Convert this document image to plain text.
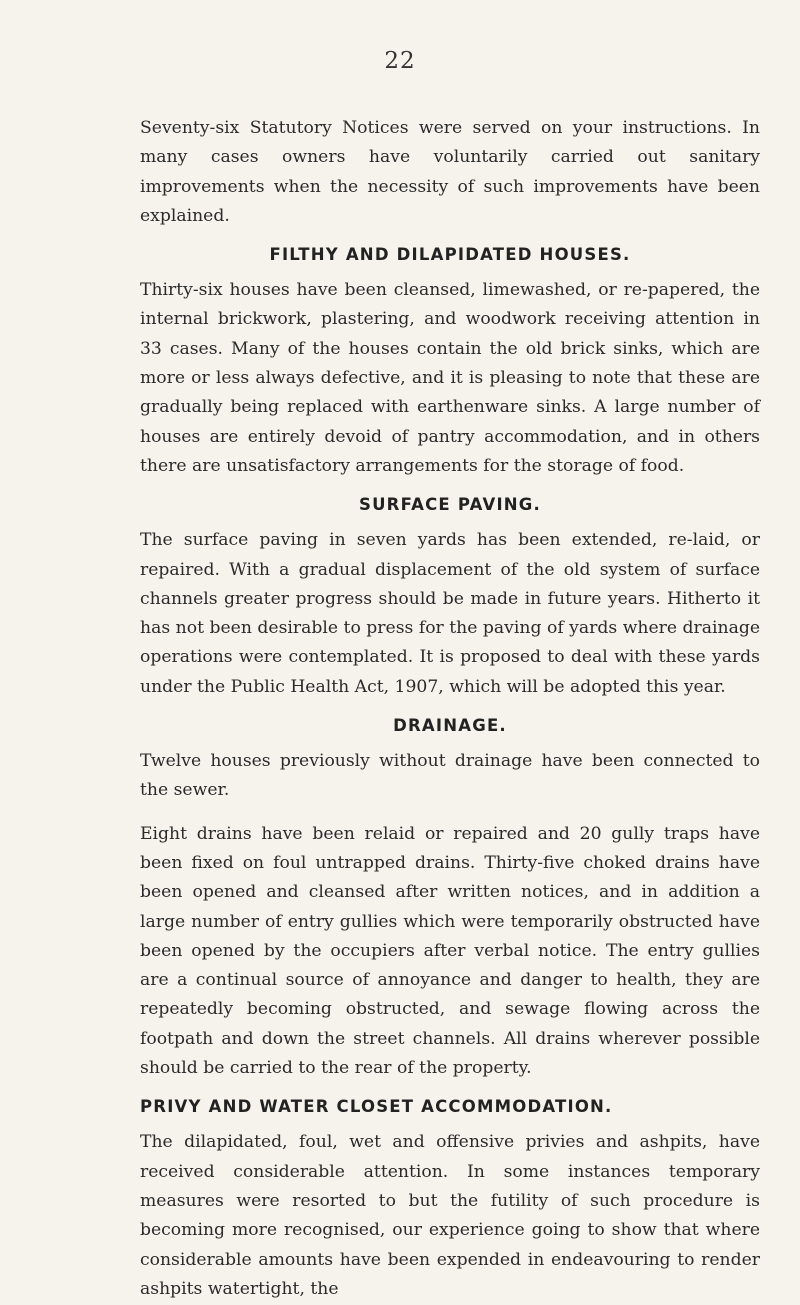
22

Seventy-six Statutory Notices were served on your instructions. In many cases owners have voluntarily carried out sanitary improvements when the necessity of such improvements have been explained.

FILTHY AND DILAPIDATED HOUSES.

Thirty-six houses have been cleansed, limewashed, or re-papered, the internal brickwork, plastering, and woodwork receiving attention in 33 cases. Many of the houses contain the old brick sinks, which are more or less always defective, and it is pleasing to note that these are gradually being replaced with earthenware sinks. A large number of houses are entirely devoid of pantry accommodation, and in others there are unsatisfactory arrangements for the storage of food.

SURFACE PAVING.

The surface paving in seven yards has been extended, re-laid, or repaired. With a gradual displacement of the old system of surface channels greater progress should be made in future years. Hitherto it has not been desirable to press for the paving of yards where drainage operations were contemplated. It is proposed to deal with these yards under the Public Health Act, 1907, which will be adopted this year.

DRAINAGE.

Twelve houses previously without drainage have been connected to the sewer.

Eight drains have been relaid or repaired and 20 gully traps have been fixed on foul untrapped drains. Thirty-five choked drains have been opened and cleansed after written notices, and in addition a large number of entry gullies which were temporarily obstructed have been opened by the occupiers after verbal notice. The entry gullies are a continual source of annoyance and danger to health, they are repeatedly becoming obstructed, and sewage flowing across the footpath and down the street channels. All drains wherever possible should be carried to the rear of the property.

PRIVY AND WATER CLOSET ACCOMMODATION.

The dilapidated, foul, wet and offensive privies and ashpits, have received considerable attention. In some instances temporary measures were resorted to but the futility of such procedure is becoming more recognised, our experience going to show that where considerable amounts have been expended in endeavouring to render ashpits watertight, the
